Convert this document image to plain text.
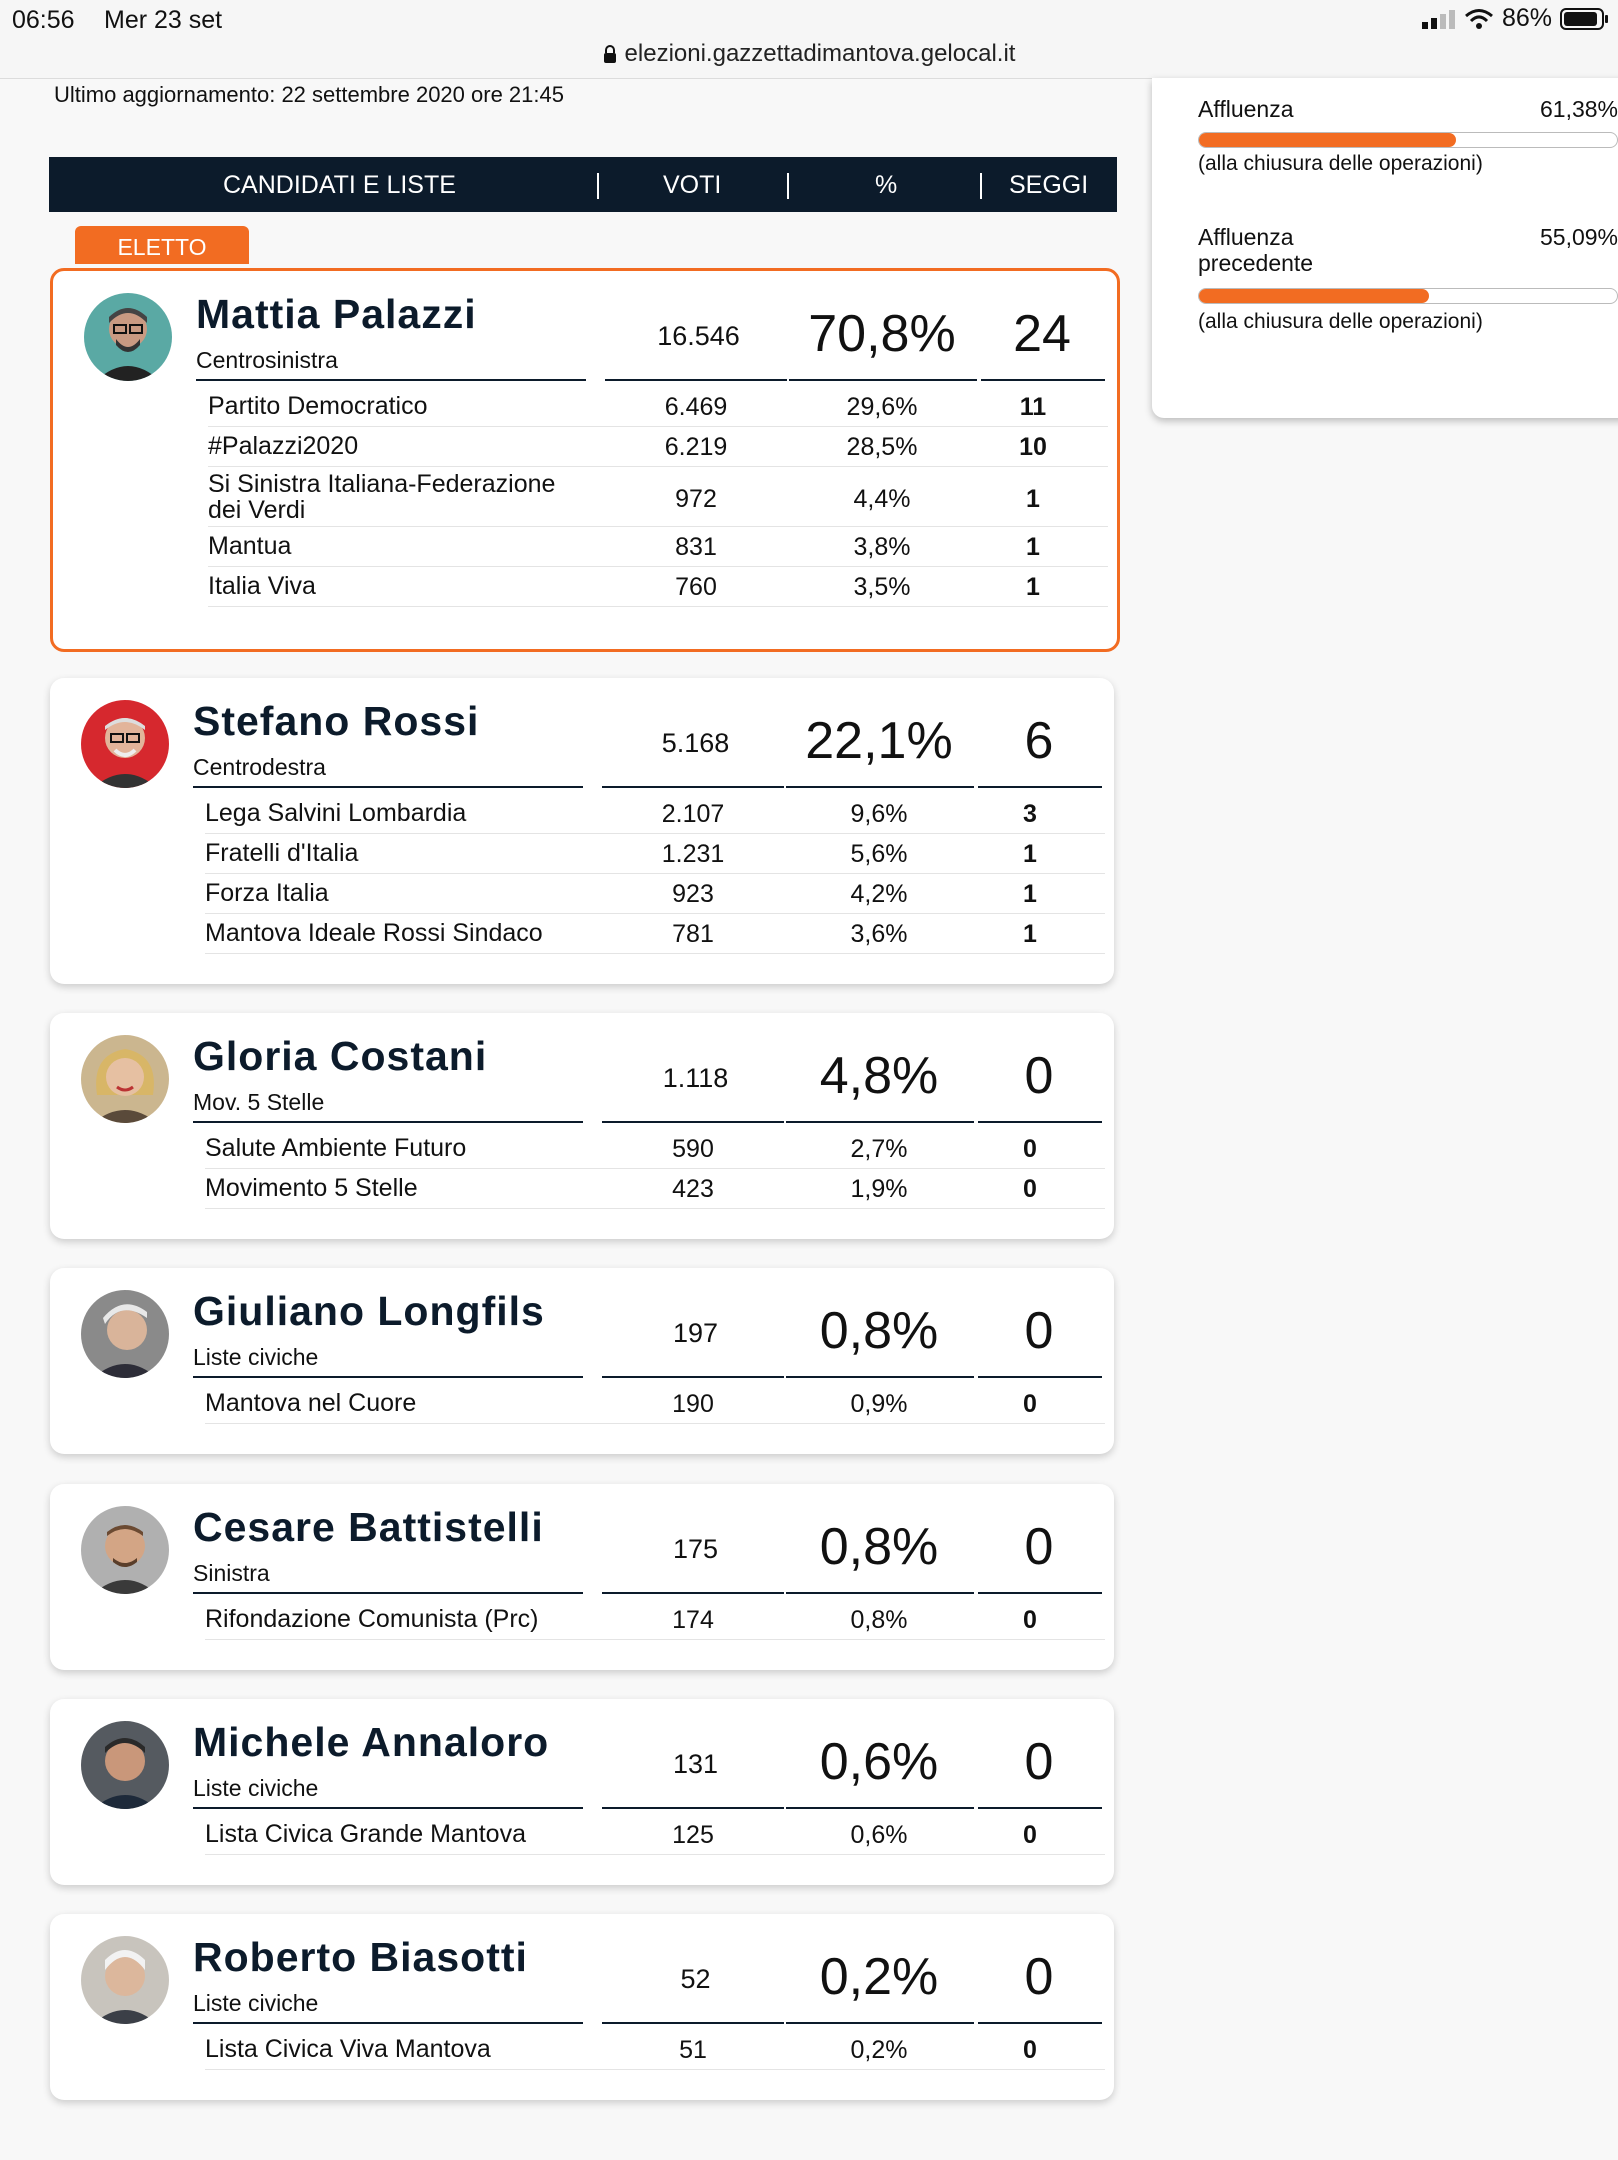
06:56 Mer 23 set	86%
elezioni.gazzettadimantova.gelocal.it
Ultimo aggiornamento: 22 settembre 2020 ore 21:45
CANDIDATI E LISTE	VOTI	%	SEGGI
ELETTO
Mattia Palazzi
Centrosinistra
16.546	70,8%	24
Partito Democratico	6.469	29,6%	11
#Palazzi2020	6.219	28,5%	10
Si Sinistra Italiana-Federazione dei Verdi	972	4,4%	1
Mantua	831	3,8%	1
Italia Viva	760	3,5%	1
Stefano Rossi
Centrodestra
5.168	22,1%	6
Lega Salvini Lombardia	2.107	9,6%	3
Fratelli d'Italia	1.231	5,6%	1
Forza Italia	923	4,2%	1
Mantova Ideale Rossi Sindaco	781	3,6%	1
Gloria Costani
Mov. 5 Stelle
1.118	4,8%	0
Salute Ambiente Futuro	590	2,7%	0
Movimento 5 Stelle	423	1,9%	0
Giuliano Longfils
Liste civiche
197	0,8%	0
Mantova nel Cuore	190	0,9%	0
Cesare Battistelli
Sinistra
175	0,8%	0
Rifondazione Comunista (Prc)	174	0,8%	0
Michele Annaloro
Liste civiche
131	0,6%	0
Lista Civica Grande Mantova	125	0,6%	0
Roberto Biasotti
Liste civiche
52	0,2%	0
Lista Civica Viva Mantova	51	0,2%	0
Affluenza	61,38%
(alla chiusura delle operazioni)
Affluenza precedente
55,09%
(alla chiusura delle operazioni)
